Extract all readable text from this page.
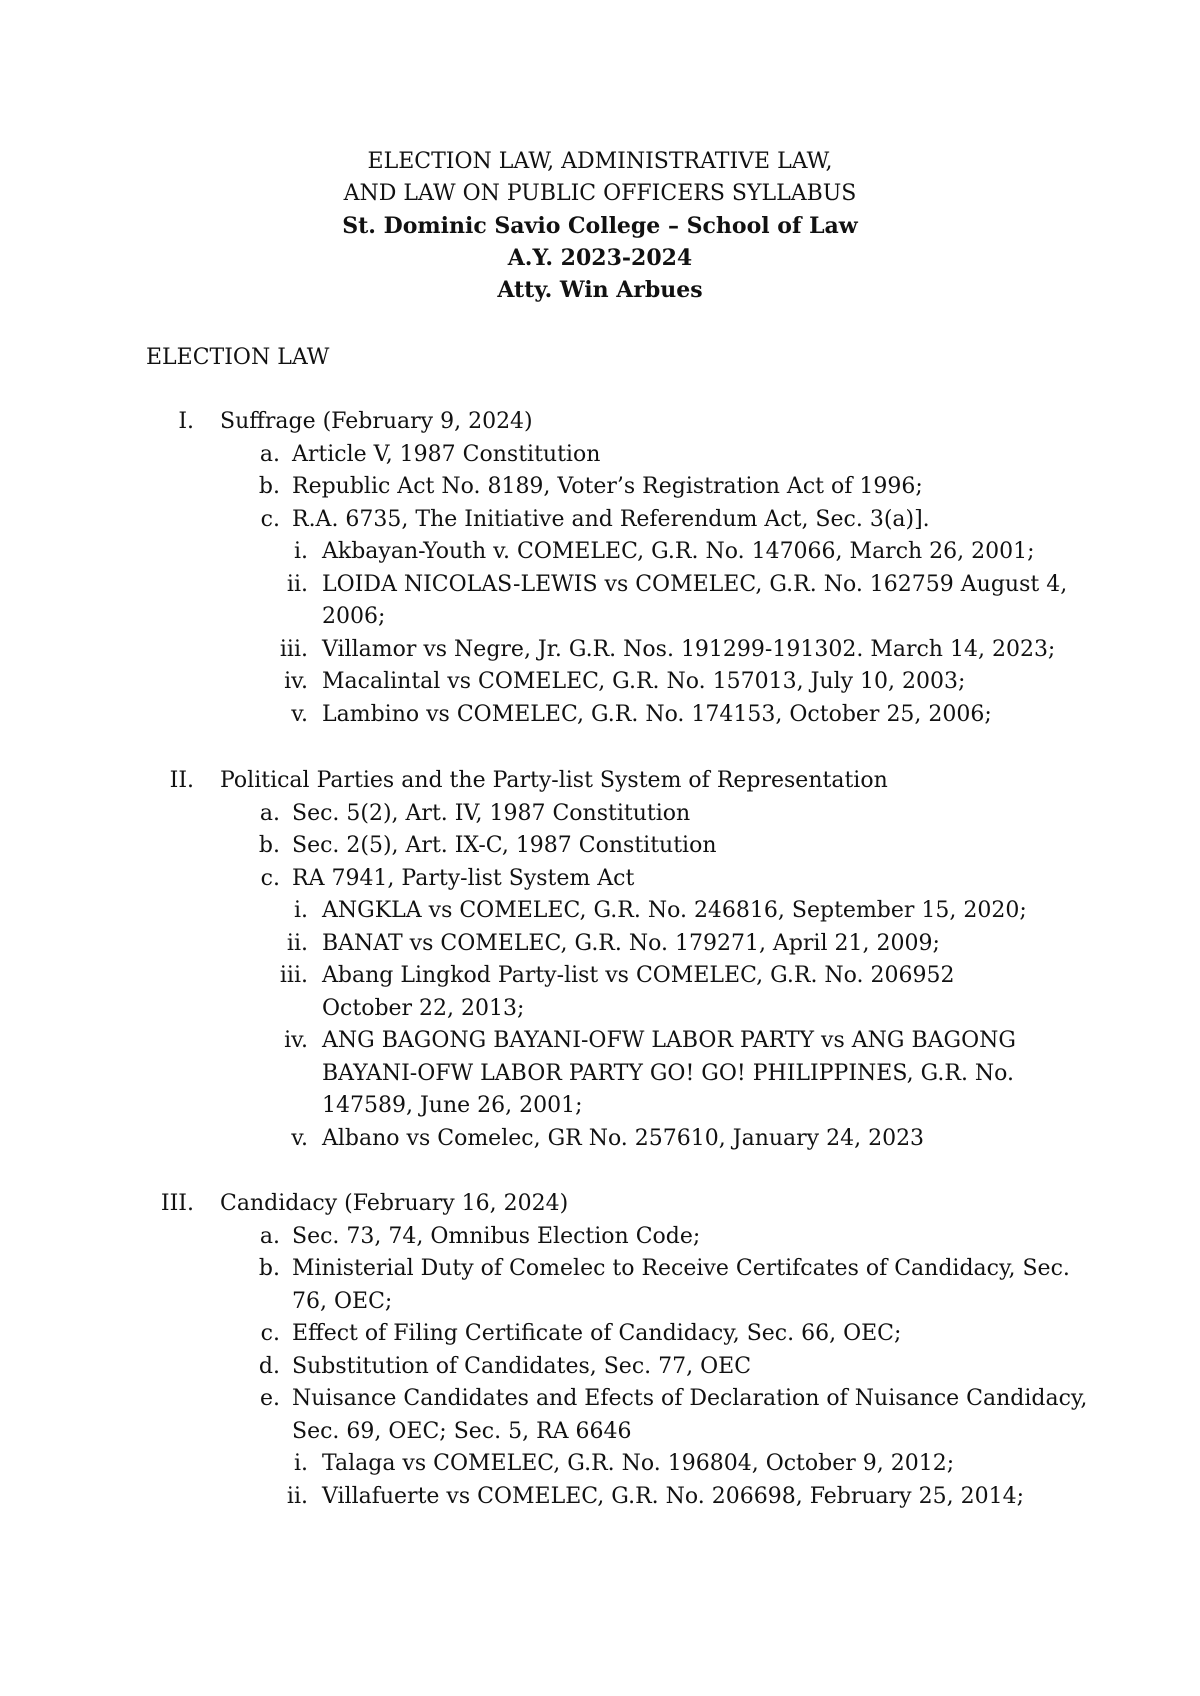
ELECTION LAW, ADMINISTRATIVE LAW,
AND LAW ON PUBLIC OFFICERS SYLLABUS
St. Dominic Savio College – School of Law
A.Y. 2023-2024
Atty. Win Arbues
ELECTION LAW
I. Suffrage (February 9, 2024)
a. Article V, 1987 Constitution
b. Republic Act No. 8189, Voter’s Registration Act of 1996;
c. R.A. 6735, The Initiative and Referendum Act, Sec. 3(a)].
i. Akbayan-Youth v. COMELEC, G.R. No. 147066, March 26, 2001;
ii. LOIDA NICOLAS-LEWIS vs COMELEC, G.R. No. 162759 August 4,
2006;
iii. Villamor vs Negre, Jr. G.R. Nos. 191299-191302. March 14, 2023;
iv. Macalintal vs COMELEC, G.R. No. 157013, July 10, 2003;
v. Lambino vs COMELEC, G.R. No. 174153, October 25, 2006;
II. Political Parties and the Party-list System of Representation
a. Sec. 5(2), Art. IV, 1987 Constitution
b. Sec. 2(5), Art. IX-C, 1987 Constitution
c. RA 7941, Party-list System Act
i. ANGKLA vs COMELEC, G.R. No. 246816, September 15, 2020;
ii. BANAT vs COMELEC, G.R. No. 179271, April 21, 2009;
iii. Abang Lingkod Party-list vs COMELEC, G.R. No. 206952
October 22, 2013;
iv. ANG BAGONG BAYANI-OFW LABOR PARTY vs ANG BAGONG
BAYANI-OFW LABOR PARTY GO! GO! PHILIPPINES, G.R. No.
147589, June 26, 2001;
v. Albano vs Comelec, GR No. 257610, January 24, 2023
III. Candidacy (February 16, 2024)
a. Sec. 73, 74, Omnibus Election Code;
b. Ministerial Duty of Comelec to Receive Certifcates of Candidacy, Sec.
76, OEC;
c. Effect of Filing Certificate of Candidacy, Sec. 66, OEC;
d. Substitution of Candidates, Sec. 77, OEC
e. Nuisance Candidates and Efects of Declaration of Nuisance Candidacy,
Sec. 69, OEC; Sec. 5, RA 6646
i. Talaga vs COMELEC, G.R. No. 196804, October 9, 2012;
ii. Villafuerte vs COMELEC, G.R. No. 206698, February 25, 2014;
